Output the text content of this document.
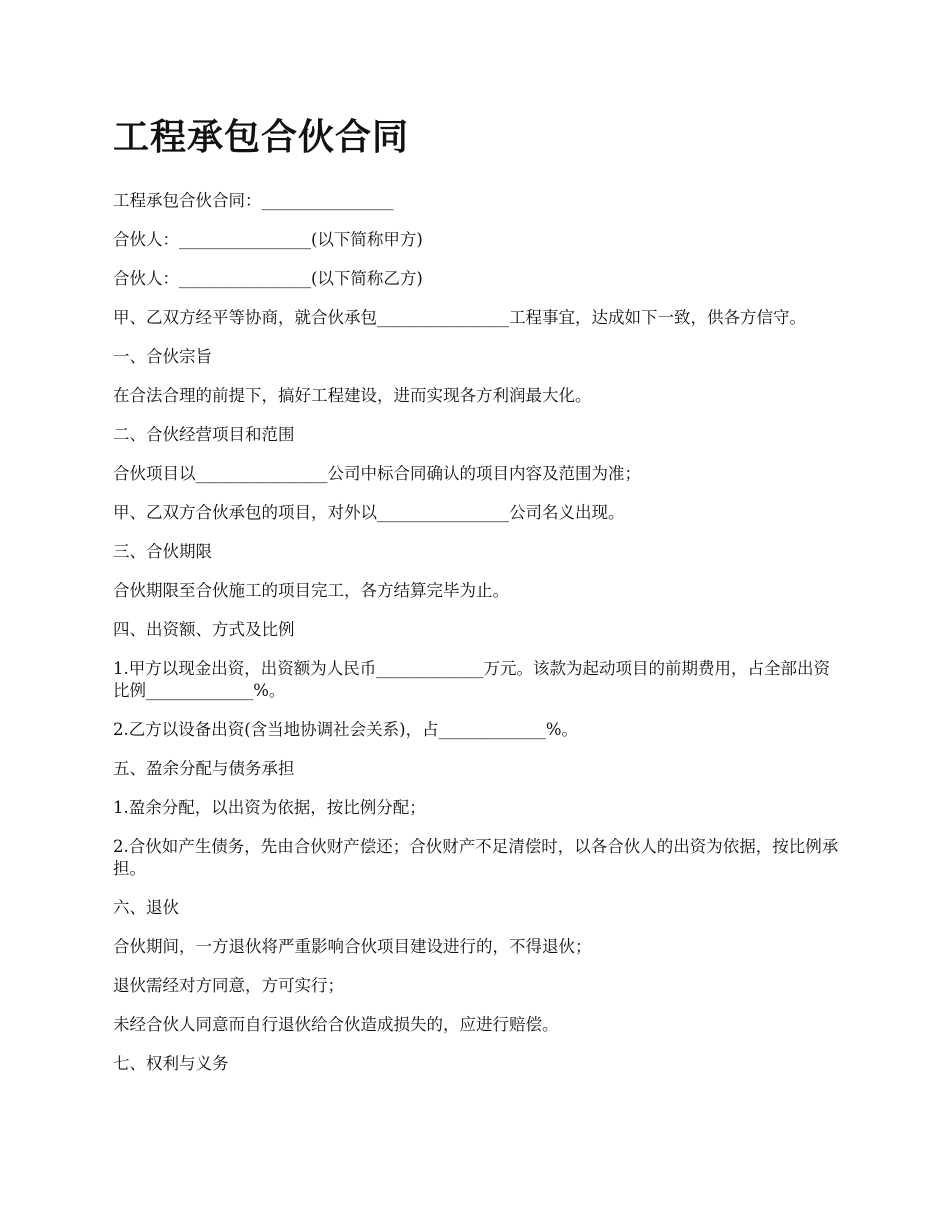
工程承包合伙合同

工程承包合伙合同：________________

合伙人：________________(以下简称甲方)

合伙人：________________(以下简称乙方)

甲、乙双方经平等协商，就合伙承包________________工程事宜，达成如下一致，供各方信守。

一、合伙宗旨

在合法合理的前提下，搞好工程建设，进而实现各方利润最大化。

二、合伙经营项目和范围

合伙项目以________________公司中标合同确认的项目内容及范围为准；

甲、乙双方合伙承包的项目，对外以________________公司名义出现。

三、合伙期限

合伙期限至合伙施工的项目完工，各方结算完毕为止。

四、出资额、方式及比例

1.甲方以现金出资，出资额为人民币_____________万元。该款为起动项目的前期费用，占全部出资比例_____________%。

2.乙方以设备出资(含当地协调社会关系)，占_____________%。

五、盈余分配与债务承担

1.盈余分配，以出资为依据，按比例分配；

2.合伙如产生债务，先由合伙财产偿还；合伙财产不足清偿时，以各合伙人的出资为依据，按比例承担。

六、退伙

合伙期间，一方退伙将严重影响合伙项目建设进行的，不得退伙；

退伙需经对方同意，方可实行；

未经合伙人同意而自行退伙给合伙造成损失的，应进行赔偿。

七、权利与义务
